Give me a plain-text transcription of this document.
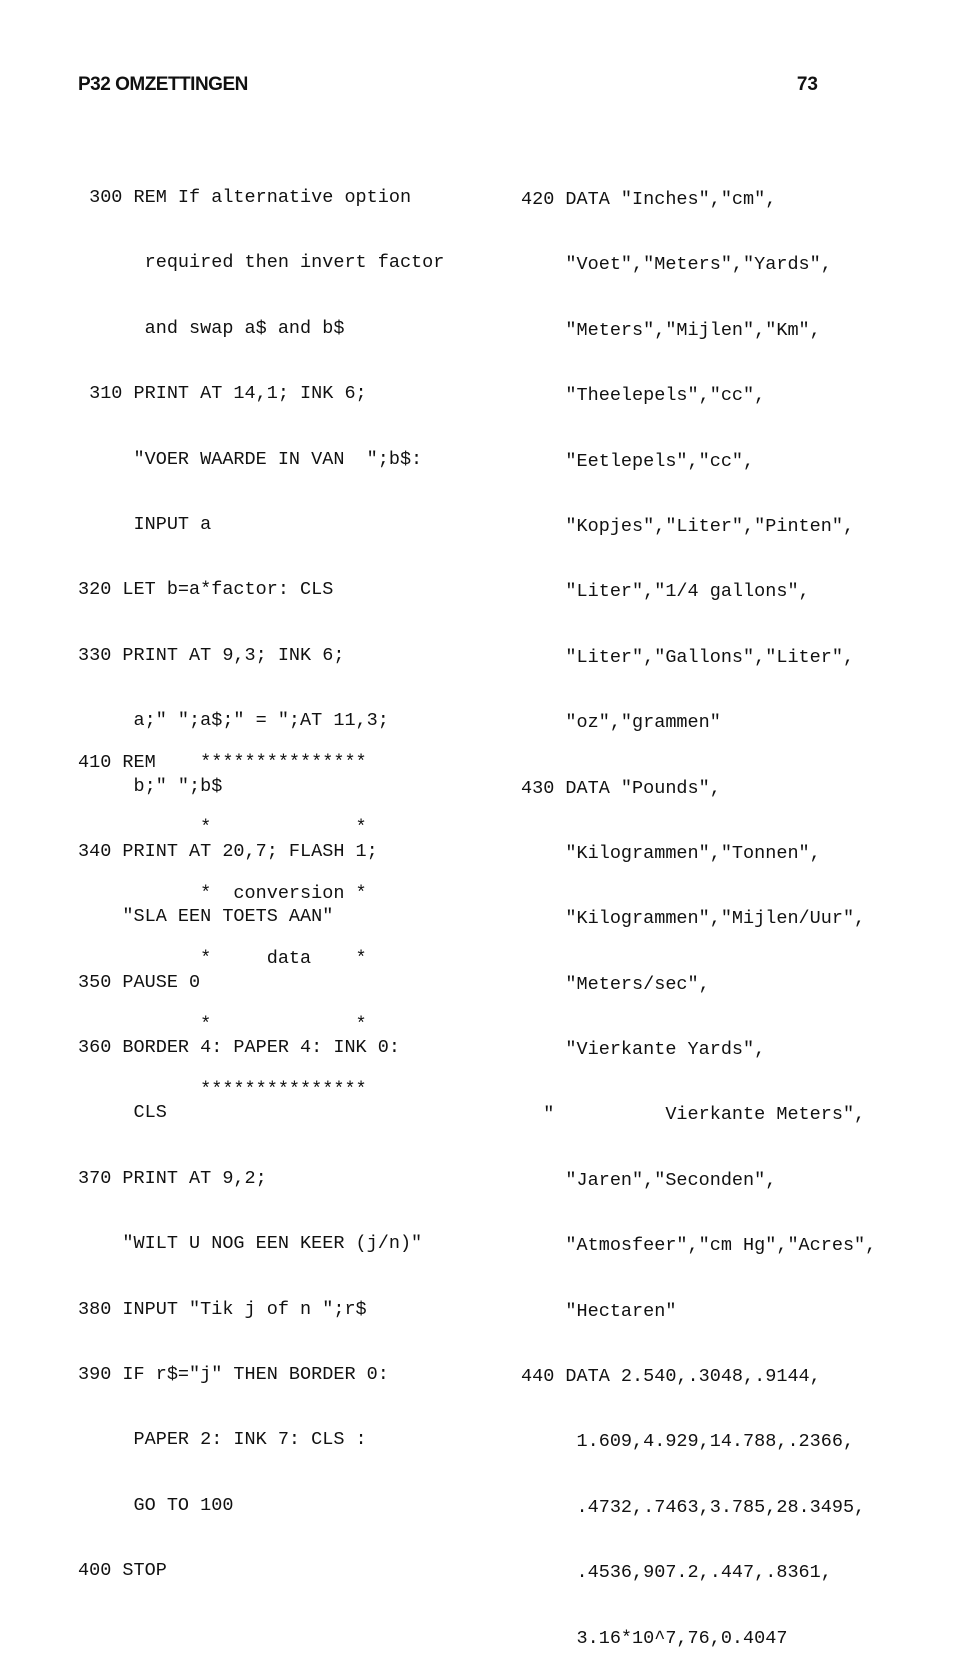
P32 OMZETTINGEN	73

300 REM If alternative option

required then invert factor

and swap a$ and b$

310 PRINT AT 14,1; INK 6;

"VOER WAARDE IN VAN  ";b$:

INPUT a

320 LET b=a*factor: CLS

330 PRINT AT 9,3; INK 6;

a;" ";a$;" = ";AT 11,3;

b;" ";b$

340 PRINT AT 20,7; FLASH 1;

"SLA EEN TOETS AAN"

350 PAUSE 0

360 BORDER 4: PAPER 4: INK 0:

CLS

370 PRINT AT 9,2;

"WILT U NOG EEN KEER (j/n)"

380 INPUT "Tik j of n ";r$

390 IF r$="j" THEN BORDER 0:

PAPER 2: INK 7: CLS :

GO TO 100

400 STOP

410 REM    ***************

*             *

*  conversion *

*     data    *

*             *

***************

420 DATA "Inches","cm",

"Voet","Meters","Yards",

"Meters","Mijlen","Km",

"Theelepels","cc",

"Eetlepels","cc",

"Kopjes","Liter","Pinten",

"Liter","1/4 gallons",

"Liter","Gallons","Liter",

"oz","grammen"

430 DATA "Pounds",

"Kilogrammen","Tonnen",

"Kilogrammen","Mijlen/Uur",

"Meters/sec",

"Vierkante Yards",

"          Vierkante Meters",

"Jaren","Seconden",

"Atmosfeer","cm Hg","Acres",

"Hectaren"

440 DATA 2.540,.3048,.9144,

1.609,4.929,14.788,.2366,

.4732,.7463,3.785,28.3495,

.4536,907.2,.447,.8361,

3.16*10^7,76,0.4047
